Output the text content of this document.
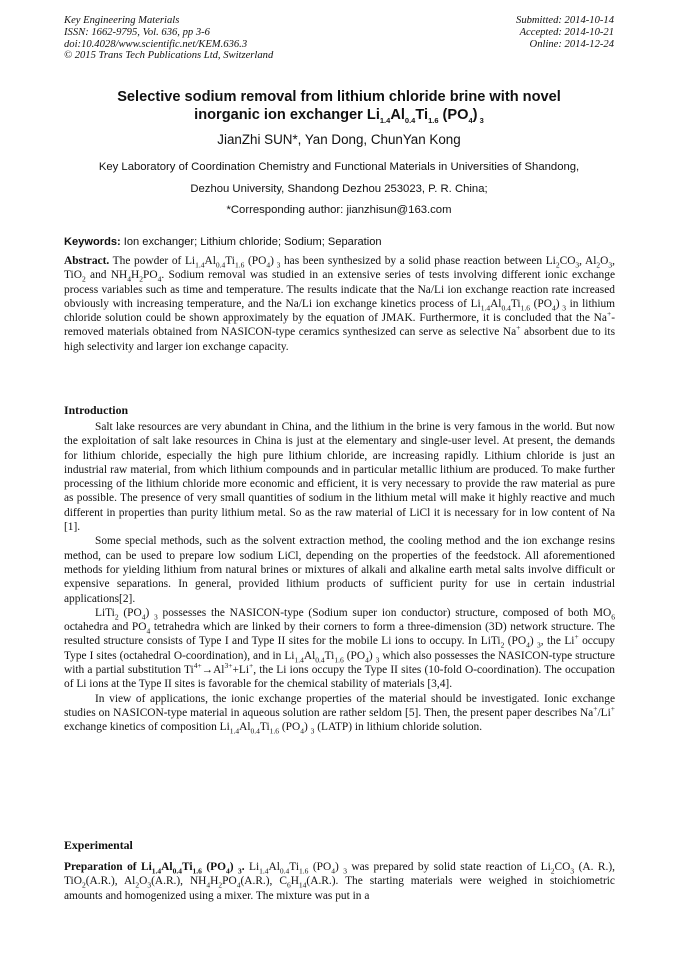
Key Engineering Materials
ISSN: 1662-9795, Vol. 636, pp 3-6
doi:10.4028/www.scientific.net/KEM.636.3
© 2015 Trans Tech Publications Ltd, Switzerland
Submitted: 2014-10-14
Accepted: 2014-10-21
Online: 2014-12-24
Selective sodium removal from lithium chloride brine with novel
inorganic ion exchanger $Li_{1.4}Al_{0.4}Ti_{1.6}$ $(PO_4)$ $_3$
JianZhi SUN*, Yan Dong, ChunYan Kong
Key Laboratory of Coordination Chemistry and Functional Materials in Universities of Shandong,
Dezhou University, Shandong Dezhou 253023, P. R. China;
*Corresponding author: jianzhisun@163.com
Keywords: Ion exchanger; Lithium chloride; Sodium; Separation
Abstract. The powder of $Li_{1.4}Al_{0.4}Ti_{1.6}$ $(PO_4)$ $_3$ has been synthesized by a solid phase reaction between $Li_2CO_3$, $Al_2O_3$, TiO$_2$ and $NH_4H_2PO_4$. Sodium removal was studied in an extensive series of tests involving different ionic exchange process variables such as time and temperature. The results indicate that the Na/Li ion exchange reaction rate increased obviously with increasing temperature, and the Na/Li ion exchange kinetics process of $Li_{1.4}Al_{0.4}Ti_{1.6}$ $(PO_4)$ $_3$ in lithium chloride solution could be shown approximately by the equation of JMAK. Furthermore, it is concluded that the Na+-removed materials obtained from NASICON-type ceramics synthesized can serve as selective Na+ absorbent due to its high selectivity and larger ion exchange capacity.
Introduction

Salt lake resources are very abundant in China, and the lithium in the brine is very famous in the world. But now the exploitation of salt lake resources in China is just at the elementary and single-user level. At present, the demands for lithium chloride, especially the high pure lithium chloride, are increasing rapidly. Lithium chloride is just an industrial raw material, from which lithium compounds and in particular metallic lithium are produced. To make further processing of the lithium chloride more economic and efficient, it is very necessary to provide the raw material as pure as possible. The presence of very small quantities of sodium in the lithium metal will make it highly reactive and much different in properties than purity lithium metal. So as the raw material of LiCl it is necessary for in low content of Na [1].

Some special methods, such as the solvent extraction method, the cooling method and the ion exchange resins method, can be used to prepare low sodium LiCl, depending on the properties of the feedstock. All aforementioned methods for yielding lithium from natural brines or mixtures of alkali and alkaline earth metal salts involve difficult or expensive separations. In general, provided lithium products of sufficient purity for use in certain industrial applications[2].

LiTi$_2$ $(PO_4)$ $_3$ possesses the NASICON-type (Sodium super ion conductor) structure, composed of both $MO_6$ octahedra and $PO_4$ tetrahedra which are linked by their corners to form a three-dimension (3D) network structure. The resulted structure consists of Type I and Type II sites for the mobile Li ions to occupy. In LiTi$_2$ $(PO_4)$ $_3$, the Li+ occupy Type I sites (octahedral O-coordination), and in $Li_{1.4}Al_{0.4}Ti_{1.6}$ $(PO_4)$ $_3$ which also possesses the NASICON-type structure with a partial substitution $Ti^{4+}\to Al^{3+}+Li^+$, the Li ions occupy the Type II sites (10-fold O-coordination). The occupation of Li ions at the Type II sites is favorable for the chemical stability of materials [3,4].

In view of applications, the ionic exchange properties of the material should be investigated. Ionic exchange studies on NASICON-type material in aqueous solution are rather seldom [5]. Then, the present paper describes Na+/Li+ exchange kinetics of composition $Li_{1.4}Al_{0.4}Ti_{1.6}$ $(PO_4)$ $_3$ (LATP) in lithium chloride solution.

Experimental
Preparation of $Li_{1.4}Al_{0.4}Ti_{1.6}$ $(PO_4)$ $_3$. $Li_{1.4}Al_{0.4}Ti_{1.6}$ $(PO_4)$ $_3$ was prepared by solid state reaction of $Li_2CO_3$ (A. R.), TiO$_2$(A.R.), $Al_2O_3(A.R.)$, $NH_4H_2PO_4(A.R.)$, $C_6H_{14}(A.R.)$. The starting materials were weighed in stoichiometric amounts and homogenized using a mixer. The mixture was put in a
